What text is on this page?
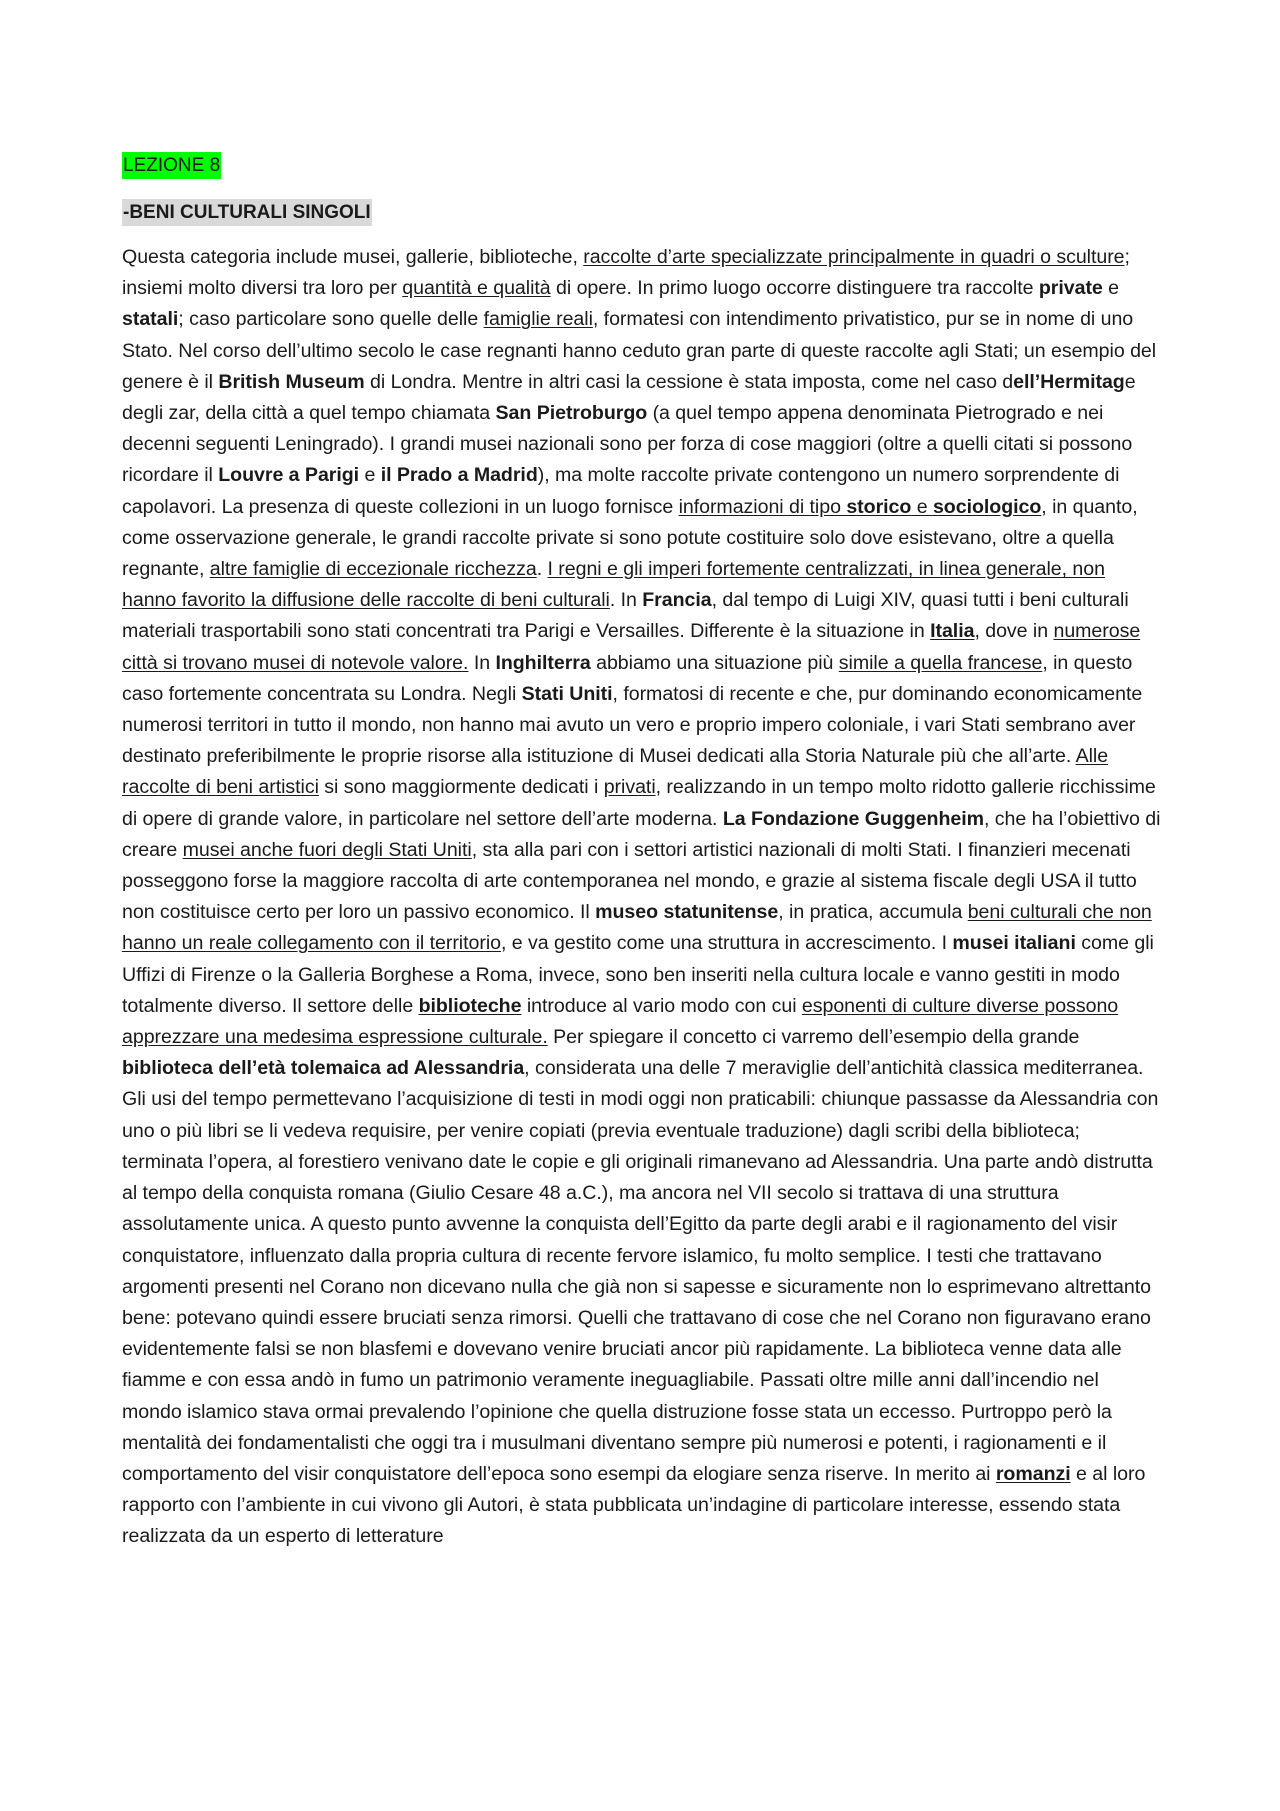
LEZIONE 8
-BENI CULTURALI SINGOLI

Questa categoria include musei, gallerie, biblioteche, raccolte d’arte specializzate principalmente in quadri o sculture; insiemi molto diversi tra loro per quantità e qualità di opere. In primo luogo occorre distinguere tra raccolte private e statali; caso particolare sono quelle delle famiglie reali, formatesi con intendimento privatistico, pur se in nome di uno Stato. Nel corso dell’ultimo secolo le case regnanti hanno ceduto gran parte di queste raccolte agli Stati; un esempio del genere è il British Museum di Londra. Mentre in altri casi la cessione è stata imposta, come nel caso dell’Hermitage degli zar, della città a quel tempo chiamata San Pietroburgo (a quel tempo appena denominata Pietrogrado e nei decenni seguenti Leningrado). I grandi musei nazionali sono per forza di cose maggiori (oltre a quelli citati si possono ricordare il Louvre a Parigi e il Prado a Madrid), ma molte raccolte private contengono un numero sorprendente di capolavori. La presenza di queste collezioni in un luogo fornisce informazioni di tipo storico e sociologico, in quanto, come osservazione generale, le grandi raccolte private si sono potute costituire solo dove esistevano, oltre a quella regnante, altre famiglie di eccezionale ricchezza. I regni e gli imperi fortemente centralizzati, in linea generale, non hanno favorito la diffusione delle raccolte di beni culturali. In Francia, dal tempo di Luigi XIV, quasi tutti i beni culturali materiali trasportabili sono stati concentrati tra Parigi e Versailles. Differente è la situazione in Italia, dove in numerose città si trovano musei di notevole valore. In Inghilterra abbiamo una situazione più simile a quella francese, in questo caso fortemente concentrata su Londra. Negli Stati Uniti, formatosi di recente e che, pur dominando economicamente numerosi territori in tutto il mondo, non hanno mai avuto un vero e proprio impero coloniale, i vari Stati sembrano aver destinato preferibilmente le proprie risorse alla istituzione di Musei dedicati alla Storia Naturale più che all’arte. Alle raccolte di beni artistici si sono maggiormente dedicati i privati, realizzando in un tempo molto ridotto gallerie ricchissime di opere di grande valore, in particolare nel settore dell’arte moderna. La Fondazione Guggenheim, che ha l’obiettivo di creare musei anche fuori degli Stati Uniti, sta alla pari con i settori artistici nazionali di molti Stati. I finanzieri mecenati posseggono forse la maggiore raccolta di arte contemporanea nel mondo, e grazie al sistema fiscale degli USA il tutto non costituisce certo per loro un passivo economico. Il museo statunitense, in pratica, accumula beni culturali che non hanno un reale collegamento con il territorio, e va gestito come una struttura in accrescimento. I musei italiani come gli Uffizi di Firenze o la Galleria Borghese a Roma, invece, sono ben inseriti nella cultura locale e vanno gestiti in modo totalmente diverso. Il settore delle biblioteche introduce al vario modo con cui esponenti di culture diverse possono apprezzare una medesima espressione culturale. Per spiegare il concetto ci varremo dell’esempio della grande biblioteca dell’età tolemaica ad Alessandria, considerata una delle 7 meraviglie dell’antichità classica mediterranea. Gli usi del tempo permettevano l’acquisizione di testi in modi oggi non praticabili: chiunque passasse da Alessandria con uno o più libri se li vedeva requisire, per venire copiati (previa eventuale traduzione) dagli scribi della biblioteca; terminata l’opera, al forestiero venivano date le copie e gli originali rimanevano ad Alessandria. Una parte andò distrutta al tempo della conquista romana (Giulio Cesare 48 a.C.), ma ancora nel VII secolo si trattava di una struttura assolutamente unica. A questo punto avvenne la conquista dell’Egitto da parte degli arabi e il ragionamento del visir conquistatore, influenzato dalla propria cultura di recente fervore islamico, fu molto semplice. I testi che trattavano argomenti presenti nel Corano non dicevano nulla che già non si sapesse e sicuramente non lo esprimevano altrettanto bene: potevano quindi essere bruciati senza rimorsi. Quelli che trattavano di cose che nel Corano non figuravano erano evidentemente falsi se non blasfemi e dovevano venire bruciati ancor più rapidamente. La biblioteca venne data alle fiamme e con essa andò in fumo un patrimonio veramente ineguagliabile. Passati oltre mille anni dall’incendio nel mondo islamico stava ormai prevalendo l’opinione che quella distruzione fosse stata un eccesso. Purtroppo però la mentalità dei fondamentalisti che oggi tra i musulmani diventano sempre più numerosi e potenti, i ragionamenti e il comportamento del visir conquistatore dell’epoca sono esempi da elogiare senza riserve. In merito ai romanzi e al loro rapporto con l’ambiente in cui vivono gli Autori, è stata pubblicata un’indagine di particolare interesse, essendo stata realizzata da un esperto di letterature
